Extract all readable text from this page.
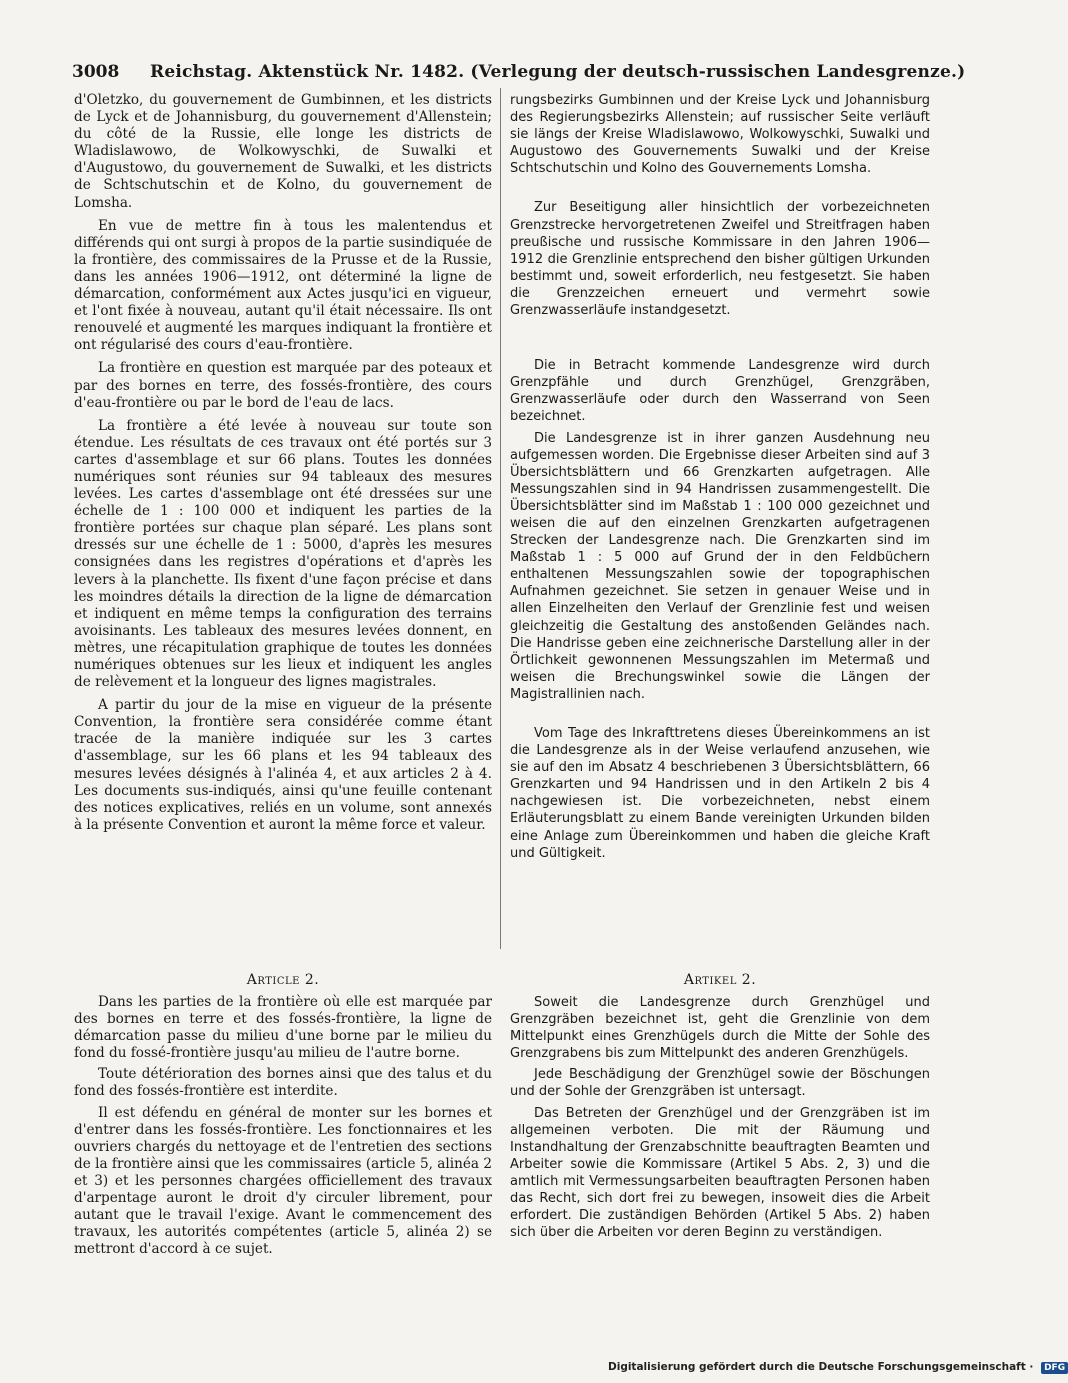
3008 Reichstag. Aktenstück Nr. 1482. (Verlegung der deutsch-russischen Landesgrenze.)

d'Oletzko, du gouvernement de Gumbinnen, et les districts de Lyck et de Johannisburg, du gouvernement d'Allenstein; du côté de la Russie, elle longe les districts de Wladislawowo, de Wolkowyschki, de Suwalki et d'Augustowo, du gouvernement de Suwalki, et les districts de Schtschutschin et de Kolno, du gouvernement de Lomsha.

En vue de mettre fin à tous les malentendus et différends qui ont surgi à propos de la partie susindiquée de la frontière, des commissaires de la Prusse et de la Russie, dans les années 1906—1912, ont déterminé la ligne de démarcation, conformément aux Actes jusqu'ici en vigueur, et l'ont fixée à nouveau, autant qu'il était nécessaire. Ils ont renouvelé et augmenté les marques indiquant la frontière et ont régularisé des cours d'eau-frontière.

La frontière en question est marquée par des poteaux et par des bornes en terre, des fossés-frontière, des cours d'eau-frontière ou par le bord de l'eau de lacs.

La frontière a été levée à nouveau sur toute son étendue. Les résultats de ces travaux ont été portés sur 3 cartes d'assemblage et sur 66 plans. Toutes les données numériques sont réunies sur 94 tableaux des mesures levées. Les cartes d'assemblage ont été dressées sur une échelle de 1 : 100 000 et indiquent les parties de la frontière portées sur chaque plan séparé. Les plans sont dressés sur une échelle de 1 : 5000, d'après les mesures consignées dans les registres d'opérations et d'après les levers à la planchette. Ils fixent d'une façon précise et dans les moindres détails la direction de la ligne de démarcation et indiquent en même temps la configuration des terrains avoisinants. Les tableaux des mesures levées donnent, en mètres, une récapitulation graphique de toutes les données numériques obtenues sur les lieux et indiquent les angles de relèvement et la longueur des lignes magistrales.

A partir du jour de la mise en vigueur de la présente Convention, la frontière sera considérée comme étant tracée de la manière indiquée sur les 3 cartes d'assemblage, sur les 66 plans et les 94 tableaux des mesures levées désignés à l'alinéa 4, et aux articles 2 à 4. Les documents sus-indiqués, ainsi qu'une feuille contenant des notices explicatives, reliés en un volume, sont annexés à la présente Convention et auront la même force et valeur.

rungsbezirks Gumbinnen und der Kreise Lyck und Johannisburg des Regierungsbezirks Allenstein; auf russischer Seite verläuft sie längs der Kreise Wladislawowo, Wolkowyschki, Suwalki und Augustowo des Gouvernements Suwalki und der Kreise Schtschutschin und Kolno des Gouvernements Lomsha.

Zur Beseitigung aller hinsichtlich der vorbezeichneten Grenzstrecke hervorgetretenen Zweifel und Streitfragen haben preußische und russische Kommissare in den Jahren 1906—1912 die Grenzlinie entsprechend den bisher gültigen Urkunden bestimmt und, soweit erforderlich, neu festgesetzt. Sie haben die Grenzzeichen erneuert und vermehrt sowie Grenzwasserläufe instandgesetzt.

Die in Betracht kommende Landesgrenze wird durch Grenzpfähle und durch Grenzhügel, Grenzgräben, Grenzwasserläufe oder durch den Wasserrand von Seen bezeichnet.

Die Landesgrenze ist in ihrer ganzen Ausdehnung neu aufgemessen worden. Die Ergebnisse dieser Arbeiten sind auf 3 Übersichtsblättern und 66 Grenzkarten aufgetragen. Alle Messungszahlen sind in 94 Handrissen zusammengestellt. Die Übersichtsblätter sind im Maßstab 1 : 100 000 gezeichnet und weisen die auf den einzelnen Grenzkarten aufgetragenen Strecken der Landesgrenze nach. Die Grenzkarten sind im Maßstab 1 : 5 000 auf Grund der in den Feldbüchern enthaltenen Messungszahlen sowie der topographischen Aufnahmen gezeichnet. Sie setzen in genauer Weise und in allen Einzelheiten den Verlauf der Grenzlinie fest und weisen gleichzeitig die Gestaltung des anstoßenden Geländes nach. Die Handrisse geben eine zeichnerische Darstellung aller in der Örtlichkeit gewonnenen Messungszahlen im Metermaß und weisen die Brechungswinkel sowie die Längen der Magistrallinien nach.

Vom Tage des Inkrafttretens dieses Übereinkommens an ist die Landesgrenze als in der Weise verlaufend anzusehen, wie sie auf den im Absatz 4 beschriebenen 3 Übersichtsblättern, 66 Grenzkarten und 94 Handrissen und in den Artikeln 2 bis 4 nachgewiesen ist. Die vorbezeichneten, nebst einem Erläuterungsblatt zu einem Bande vereinigten Urkunden bilden eine Anlage zum Übereinkommen und haben die gleiche Kraft und Gültigkeit.

Article 2.	Artikel 2.

Dans les parties de la frontière où elle est marquée par des bornes en terre et des fossés-frontière, la ligne de démarcation passe du milieu d'une borne par le milieu du fond du fossé-frontière jusqu'au milieu de l'autre borne.

Toute détérioration des bornes ainsi que des talus et du fond des fossés-frontière est interdite.

Il est défendu en général de monter sur les bornes et d'entrer dans les fossés-frontière. Les fonctionnaires et les ouvriers chargés du nettoyage et de l'entretien des sections de la frontière ainsi que les commissaires (article 5, alinéa 2 et 3) et les personnes chargées officiellement des travaux d'arpentage auront le droit d'y circuler librement, pour autant que le travail l'exige. Avant le commencement des travaux, les autorités compétentes (article 5, alinéa 2) se mettront d'accord à ce sujet.

Soweit die Landesgrenze durch Grenzhügel und Grenzgräben bezeichnet ist, geht die Grenzlinie von dem Mittelpunkt eines Grenzhügels durch die Mitte der Sohle des Grenzgrabens bis zum Mittelpunkt des anderen Grenzhügels.

Jede Beschädigung der Grenzhügel sowie der Böschungen und der Sohle der Grenzgräben ist untersagt.

Das Betreten der Grenzhügel und der Grenzgräben ist im allgemeinen verboten. Die mit der Räumung und Instandhaltung der Grenzabschnitte beauftragten Beamten und Arbeiter sowie die Kommissare (Artikel 5 Abs. 2, 3) und die amtlich mit Vermessungsarbeiten beauftragten Personen haben das Recht, sich dort frei zu bewegen, insoweit dies die Arbeit erfordert. Die zuständigen Behörden (Artikel 5 Abs. 2) haben sich über die Arbeiten vor deren Beginn zu verständigen.

Digitalisierung gefördert durch die Deutsche Forschungsgemeinschaft · DFG
